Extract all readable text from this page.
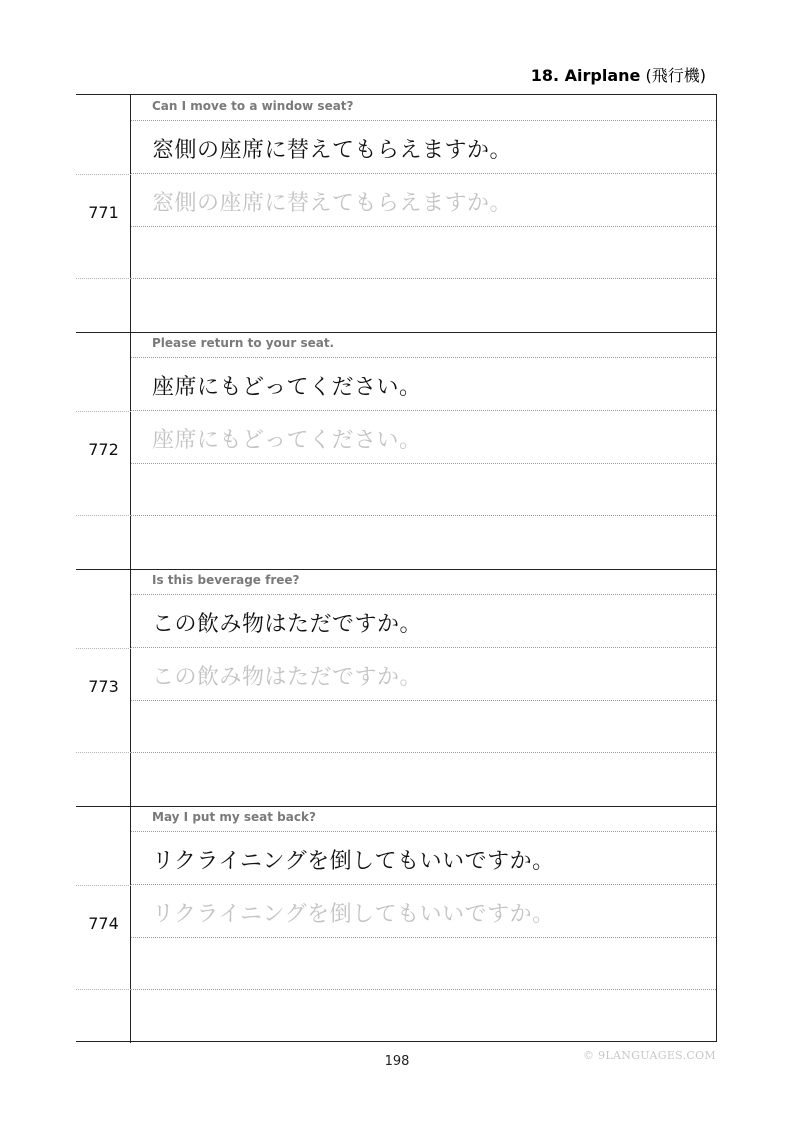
18. Airplane (飛行機)
771
Can I move to a window seat?
窓側の座席に替えてもらえますか。
窓側の座席に替えてもらえますか。
772
Please return to your seat.
座席にもどってください。
座席にもどってください。
773
Is this beverage free?
この飲み物はただですか。
この飲み物はただですか。
774
May I put my seat back?
リクライニングを倒してもいいですか。
リクライニングを倒してもいいですか。
198	© 9LANGUAGES.COM
